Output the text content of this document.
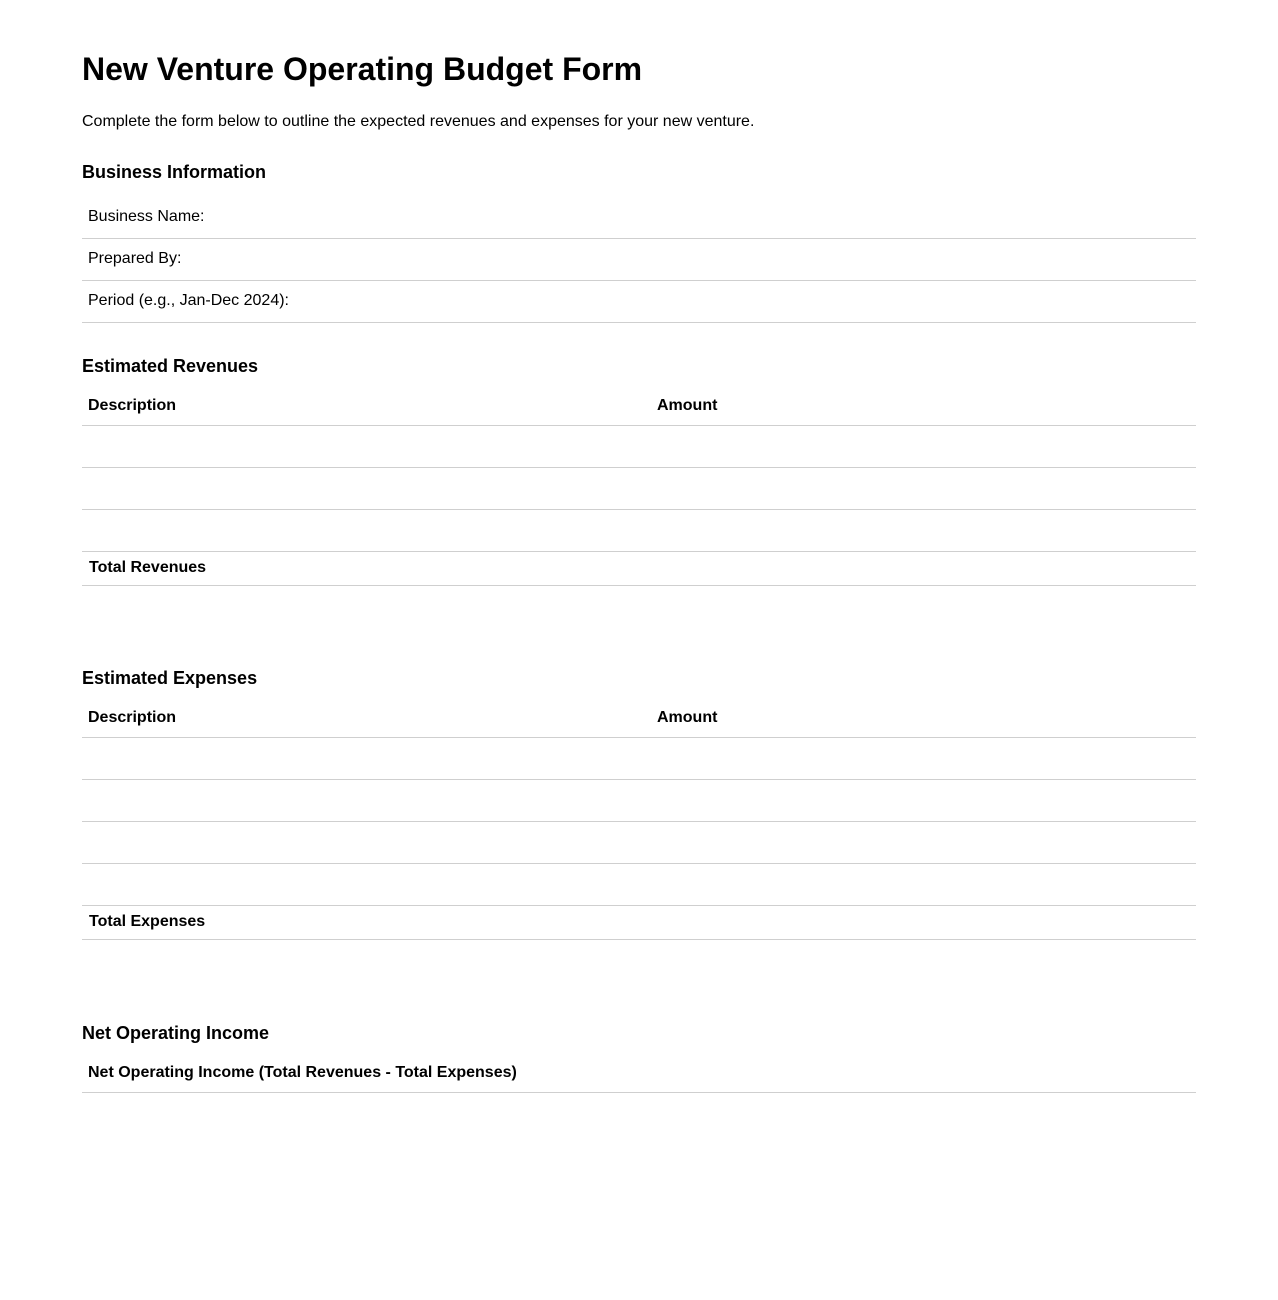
New Venture Operating Budget Form

Complete the form below to outline the expected revenues and expenses for your new venture.

Business Information
Business Name:	
Prepared By:	
Period (e.g., Jan-Dec 2024):	
Estimated Revenues
Description	Amount

Total Revenues	
Estimated Expenses
Description	Amount

Total Expenses	
Net Operating Income
Net Operating Income (Total Revenues - Total Expenses)	
